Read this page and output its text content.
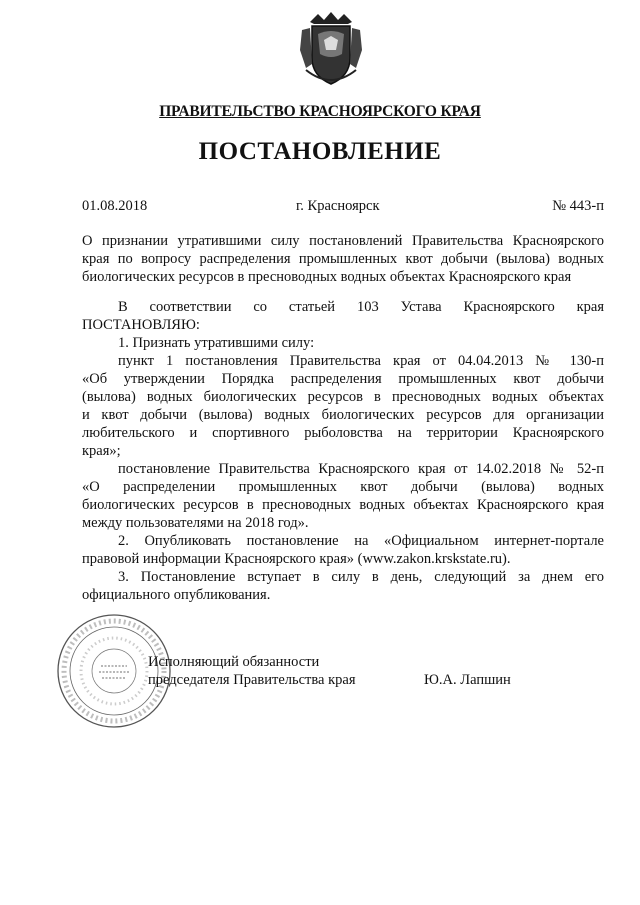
ПРАВИТЕЛЬСТВО КРАСНОЯРСКОГО КРАЯ
ПОСТАНОВЛЕНИЕ
01.08.2018	г. Красноярск	№ 443-п
О признании утратившими силу постановлений Правительства Красноярского
края по вопросу распределения промышленных квот добычи (вылова) водных
биологических ресурсов в пресноводных водных объектах Красноярского края
В соответствии со статьей 103 Устава Красноярского края
ПОСТАНОВЛЯЮ:
1. Признать утратившими силу:
пункт 1 постановления Правительства края от 04.04.2013 № 130-п
«Об утверждении Порядка распределения промышленных квот добычи
(вылова) водных биологических ресурсов в пресноводных водных объектах
и квот добычи (вылова) водных биологических ресурсов для организации
любительского и спортивного рыболовства на территории Красноярского
края»;
постановление Правительства Красноярского края от 14.02.2018 № 52-п
«О распределении промышленных квот добычи (вылова) водных
биологических ресурсов в пресноводных водных объектах Красноярского края
между пользователями на 2018 год».
2. Опубликовать постановление на «Официальном интернет-портале
правовой информации Красноярского края» (www.zakon.krskstate.ru).
3. Постановление вступает в силу в день, следующий за днем его
официального опубликования.
Исполняющий обязанности
председателя Правительства края	Ю.А. Лапшин
